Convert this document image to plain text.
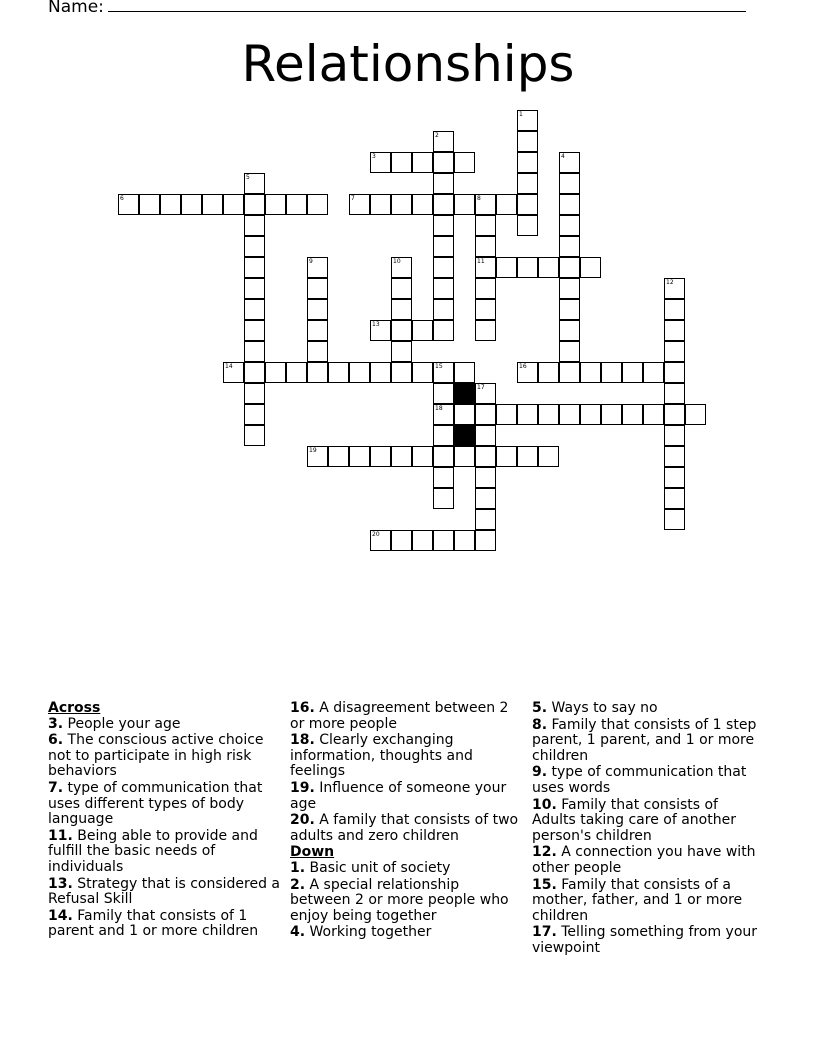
Name:
Relationships
1
2
3	4
5
6	7	8
11
9	10
12
13
14	15
18
16
17
19
20
Across
3. People your age
6. The conscious active choice not to participate in high risk behaviors
7. type of communication that uses different types of body language
11. Being able to provide and fulfill the basic needs of individuals
13. Strategy that is considered a Refusal Skill
14. Family that consists of 1 parent and 1 or more children
16. A disagreement between 2 or more people
18. Clearly exchanging information, thoughts and feelings
19. Influence of someone your age
20. A family that consists of two adults and zero children
Down
1. Basic unit of society
2. A special relationship between 2 or more people who enjoy being together
4. Working together
5. Ways to say no
8. Family that consists of 1 step parent, 1 parent, and 1 or more children
9. type of communication that uses words
10. Family that consists of Adults taking care of another person's children
12. A connection you have with other people
15. Family that consists of a mother, father, and 1 or more children
17. Telling something from your viewpoint
